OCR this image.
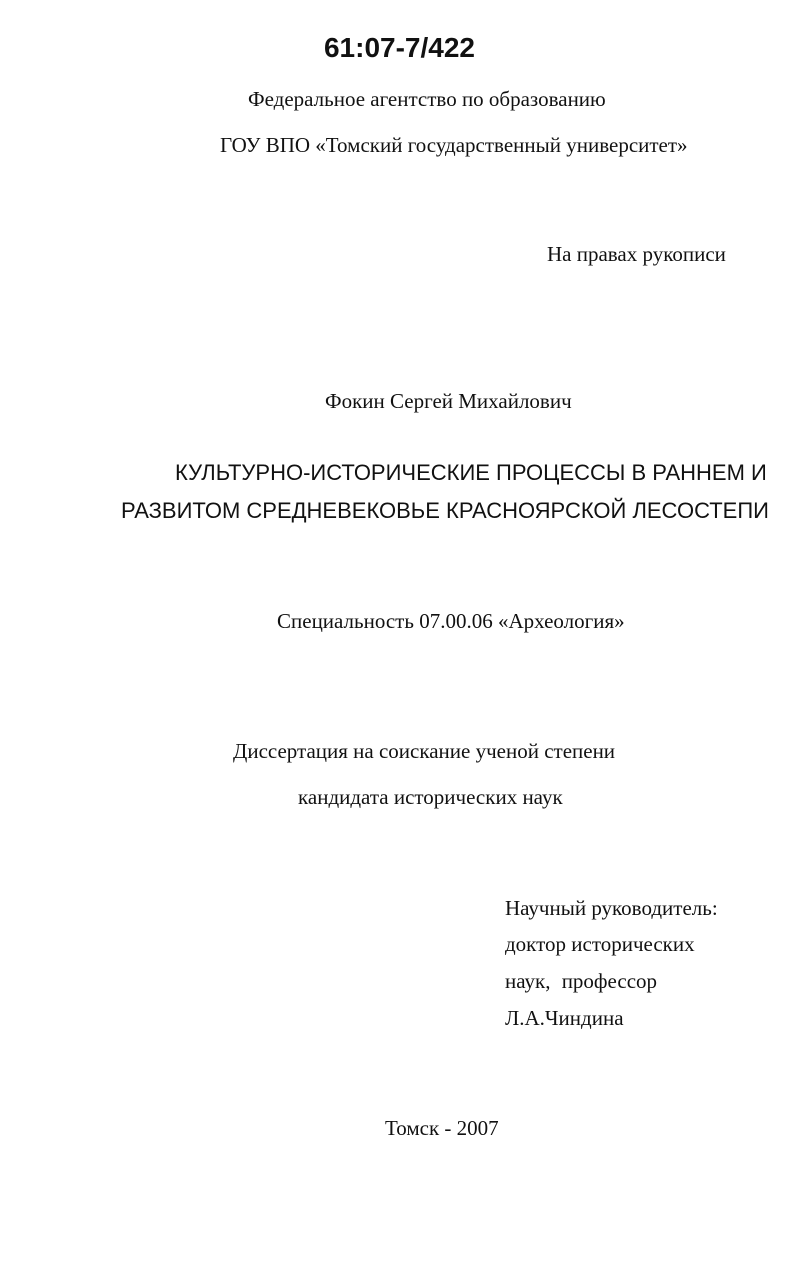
61:07-7/422
Федеральное агентство по образованию
ГОУ ВПО «Томский государственный университет»
На правах рукописи
Фокин Сергей Михайлович
КУЛЬТУРНО-ИСТОРИЧЕСКИЕ ПРОЦЕССЫ В РАННЕМ И
РАЗВИТОМ СРЕДНЕВЕКОВЬЕ КРАСНОЯРСКОЙ ЛЕСОСТЕПИ
Специальность 07.00.06 «Археология»
Диссертация на соискание ученой степени
кандидата исторических наук
Научный руководитель:
доктор исторических
наук, профессор
Л.А.Чиндина
Томск - 2007
